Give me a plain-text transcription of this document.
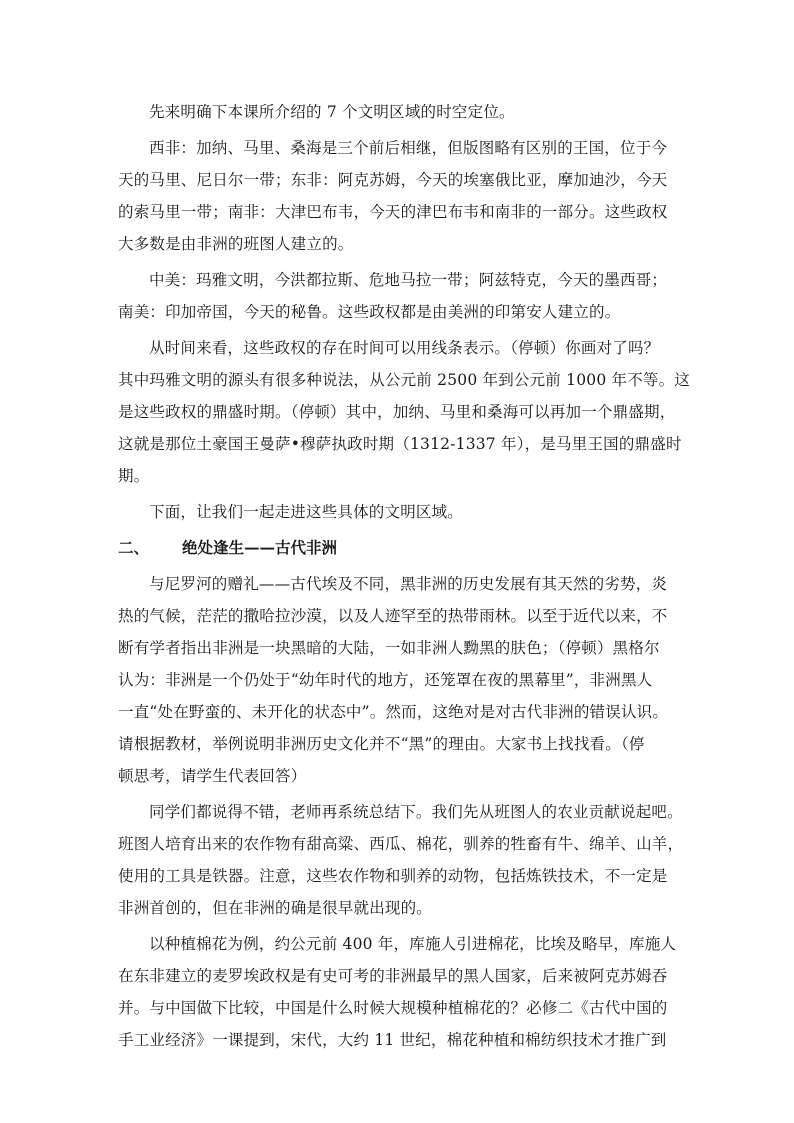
先来明确下本课所介绍的 7 个文明区域的时空定位。

西非：加纳、马里、桑海是三个前后相继，但版图略有区别的王国，位于今
天的马里、尼日尔一带；东非：阿克苏姆，今天的埃塞俄比亚，摩加迪沙，今天
的索马里一带；南非：大津巴布韦，今天的津巴布韦和南非的一部分。这些政权
大多数是由非洲的班图人建立的。

中美：玛雅文明，今洪都拉斯、危地马拉一带；阿兹特克，今天的墨西哥；
南美：印加帝国，今天的秘鲁。这些政权都是由美洲的印第安人建立的。

从时间来看，这些政权的存在时间可以用线条表示。（停顿）你画对了吗？
其中玛雅文明的源头有很多种说法，从公元前 2500 年到公元前 1000 年不等。这
是这些政权的鼎盛时期。（停顿）其中，加纳、马里和桑海可以再加一个鼎盛期，
这就是那位土豪国王曼萨•穆萨执政时期（1312-1337 年），是马里王国的鼎盛时
期。

下面，让我们一起走进这些具体的文明区域。

二、 绝处逢生——古代非洲

与尼罗河的赠礼——古代埃及不同，黑非洲的历史发展有其天然的劣势，炎
热的气候，茫茫的撒哈拉沙漠，以及人迹罕至的热带雨林。以至于近代以来，不
断有学者指出非洲是一块黑暗的大陆，一如非洲人黝黑的肤色；（停顿）黑格尔
认为：非洲是一个仍处于“幼年时代的地方，还笼罩在夜的黑幕里”，非洲黑人
一直“处在野蛮的、未开化的状态中”。然而，这绝对是对古代非洲的错误认识。
请根据教材，举例说明非洲历史文化并不“黑”的理由。大家书上找找看。（停
顿思考，请学生代表回答）

同学们都说得不错，老师再系统总结下。我们先从班图人的农业贡献说起吧。
班图人培育出来的农作物有甜高粱、西瓜、棉花，驯养的牲畜有牛、绵羊、山羊，
使用的工具是铁器。注意，这些农作物和驯养的动物，包括炼铁技术，不一定是
非洲首创的，但在非洲的确是很早就出现的。

以种植棉花为例，约公元前 400 年，库施人引进棉花，比埃及略早，库施人
在东非建立的麦罗埃政权是有史可考的非洲最早的黑人国家，后来被阿克苏姆吞
并。与中国做下比较，中国是什么时候大规模种植棉花的？必修二《古代中国的
手工业经济》一课提到，宋代，大约 11 世纪，棉花种植和棉纺织技术才推广到
